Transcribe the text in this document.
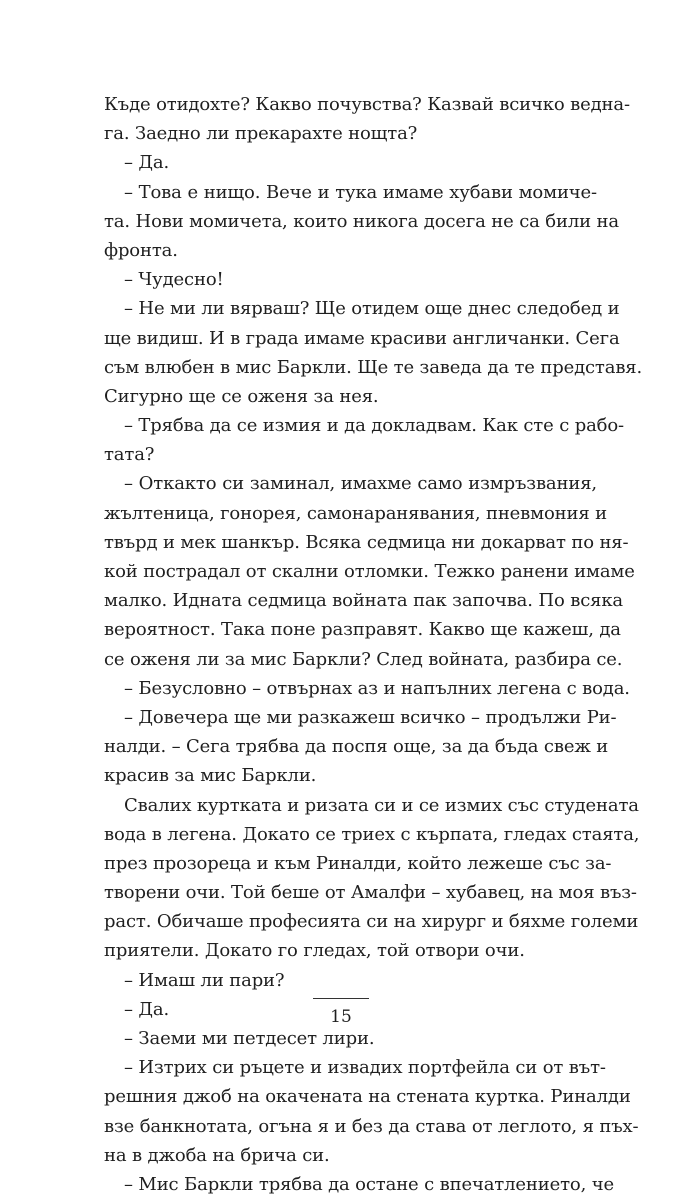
Къде отидохте? Какво почувства? Казвай всичко ведна-
га. Заедно ли прекарахте нощта?
– Да.
– Това е нищо. Вече и тука имаме хубави момиче-
та. Нови момичета, които никога досега не са били на
фронта.
– Чудесно!
– Не ми ли вярваш? Ще отидем още днес следобед и
ще видиш. И в града имаме красиви англичанки. Сега
съм влюбен в мис Баркли. Ще те заведа да те представя.
Сигурно ще се оженя за нея.
– Трябва да се измия и да докладвам. Как сте с рабо-
тата?
– Откакто си заминал, имахме само измръзвания,
жълтеница, гонорея, самонаранявания, пневмония и
твърд и мек шанкър. Всяка седмица ни докарват по ня-
кой пострадал от скални отломки. Тежко ранени имаме
малко. Идната седмица войната пак започва. По всяка
вероятност. Така поне разправят. Какво ще кажеш, да
се оженя ли за мис Баркли? След войната, разбира се.
– Безусловно – отвърнах аз и напълних легена с вода.
– Довечера ще ми разкажеш всичко – продължи Ри-
налди. – Сега трябва да поспя още, за да бъда свеж и
красив за мис Баркли.
Свалих куртката и ризата си и се измих със студената
вода в легена. Докато се триех с кърпата, гледах стаята,
през прозореца и към Риналди, който лежеше със за-
творени очи. Той беше от Амалфи – хубавец, на моя въз-
раст. Обичаше професията си на хирург и бяхме големи
приятели. Докато го гледах, той отвори очи.
– Имаш ли пари?
– Да.
– Заеми ми петдесет лири.
– Изтрих си ръцете и извадих портфейла си от вът-
решния джоб на окачената на стената куртка. Риналди
взе банкнотата, огъна я и без да става от леглото, я пъх-
на в джоба на бричa си.
– Мис Баркли трябва да остане с впечатлението, че
15
